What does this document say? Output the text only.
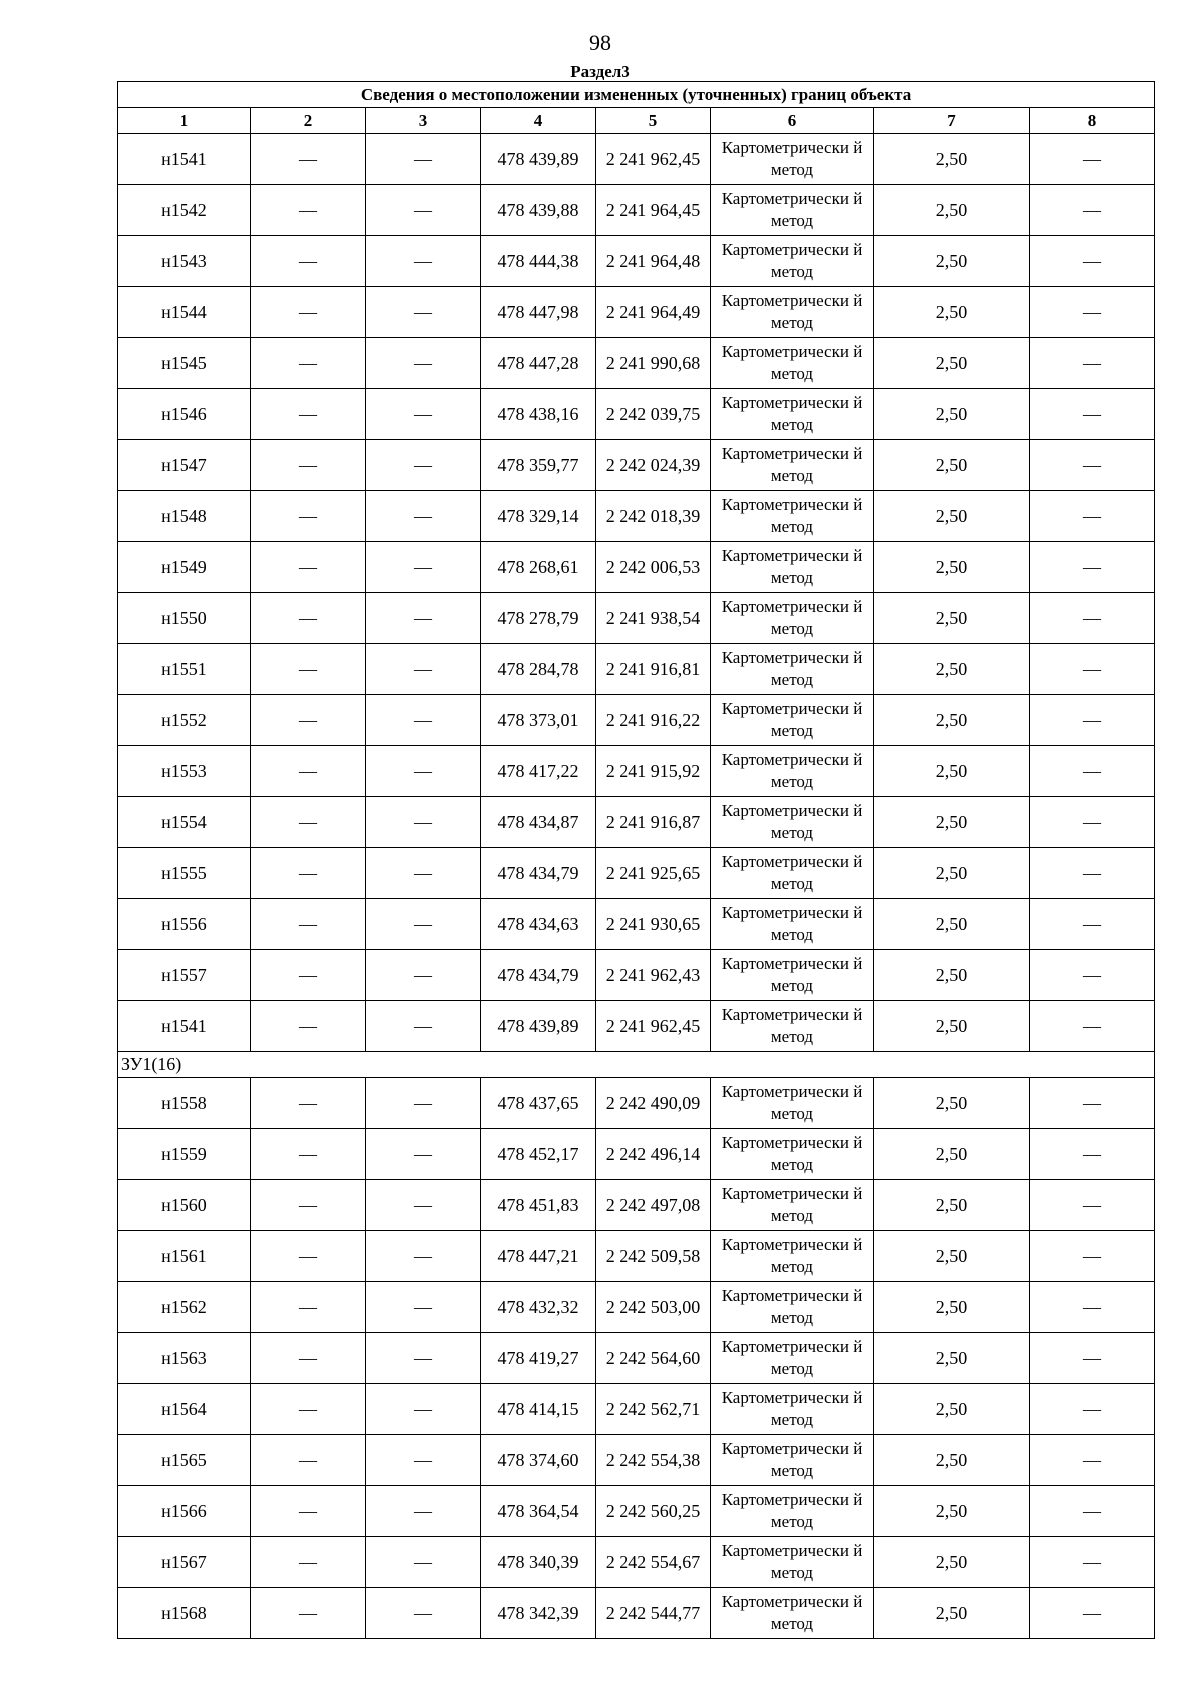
98
Раздел3
Сведения о местоположении измененных (уточненных) границ объекта							
1	2	3	4	5	6	7	8
н1541	—	—	478 439,89	2 241 962,45	Картометрически й метод	2,50	—
н1542	—	—	478 439,88	2 241 964,45	Картометрически й метод	2,50	—
н1543	—	—	478 444,38	2 241 964,48	Картометрически й метод	2,50	—
н1544	—	—	478 447,98	2 241 964,49	Картометрически й метод	2,50	—
н1545	—	—	478 447,28	2 241 990,68	Картометрически й метод	2,50	—
н1546	—	—	478 438,16	2 242 039,75	Картометрически й метод	2,50	—
н1547	—	—	478 359,77	2 242 024,39	Картометрически й метод	2,50	—
н1548	—	—	478 329,14	2 242 018,39	Картометрически й метод	2,50	—
н1549	—	—	478 268,61	2 242 006,53	Картометрически й метод	2,50	—
н1550	—	—	478 278,79	2 241 938,54	Картометрически й метод	2,50	—
н1551	—	—	478 284,78	2 241 916,81	Картометрически й метод	2,50	—
н1552	—	—	478 373,01	2 241 916,22	Картометрически й метод	2,50	—
н1553	—	—	478 417,22	2 241 915,92	Картометрически й метод	2,50	—
н1554	—	—	478 434,87	2 241 916,87	Картометрически й метод	2,50	—
н1555	—	—	478 434,79	2 241 925,65	Картометрически й метод	2,50	—
н1556	—	—	478 434,63	2 241 930,65	Картометрически й метод	2,50	—
н1557	—	—	478 434,79	2 241 962,43	Картометрически й метод	2,50	—
н1541	—	—	478 439,89	2 241 962,45	Картометрически й метод	2,50	—
ЗУ1(16)							
н1558	—	—	478 437,65	2 242 490,09	Картометрически й метод	2,50	—
н1559	—	—	478 452,17	2 242 496,14	Картометрически й метод	2,50	—
н1560	—	—	478 451,83	2 242 497,08	Картометрически й метод	2,50	—
н1561	—	—	478 447,21	2 242 509,58	Картометрически й метод	2,50	—
н1562	—	—	478 432,32	2 242 503,00	Картометрически й метод	2,50	—
н1563	—	—	478 419,27	2 242 564,60	Картометрически й метод	2,50	—
н1564	—	—	478 414,15	2 242 562,71	Картометрически й метод	2,50	—
н1565	—	—	478 374,60	2 242 554,38	Картометрически й метод	2,50	—
н1566	—	—	478 364,54	2 242 560,25	Картометрически й метод	2,50	—
н1567	—	—	478 340,39	2 242 554,67	Картометрически й метод	2,50	—
н1568	—	—	478 342,39	2 242 544,77	Картометрически й метод	2,50	—
